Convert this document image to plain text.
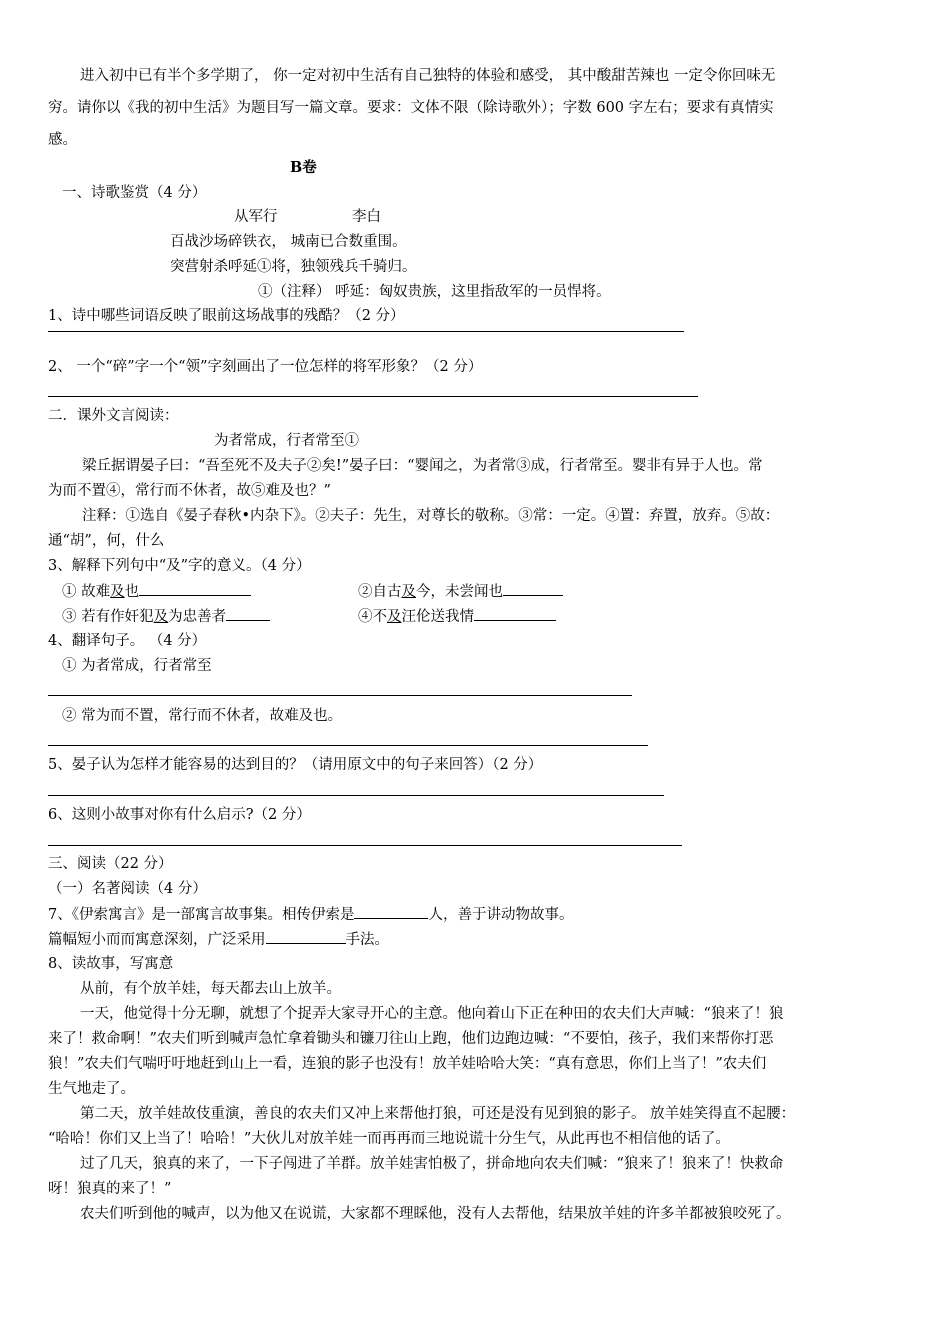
进入初中已有半个多学期了， 你一定对初中生活有自己独特的体验和感受， 其中酸甜苦辣也 一定令你回味无
穷。请你以《我的初中生活》为题目写一篇文章。要求：文体不限（除诗歌外）；字数 600 字左右；要求有真情实
感。
B卷
一、诗歌鉴赏（4 分）
从军行	李白
百战沙场碎铁衣， 城南已合数重围。
突营射杀呼延①将，独领残兵千骑归。
①（注释） 呼延：匈奴贵族，这里指敌军的一员悍将。
1、诗中哪些词语反映了眼前这场战事的残酷？（2 分）
2、 一个“碎”字一个“领”字刻画出了一位怎样的将军形象？（2 分）
二．课外文言阅读：
为者常成，行者常至①
梁丘据谓晏子曰：“吾至死不及夫子②矣!”晏子曰：“婴闻之，为者常③成，行者常至。婴非有异于人也。常
为而不置④，常行而不休者，故⑤难及也？”
注释：①选自《晏子春秋•内杂下》。②夫子：先生，对尊长的敬称。③常：一定。④置：弃置，放弃。⑤故：
通“胡”，何，什么
3、解释下列句中“及”字的意义。（4 分）
① 故难及也	②自古及今，未尝闻也
③ 若有作奸犯及为忠善者	④不及汪伦送我情
4、翻译句子。 （4 分）
① 为者常成，行者常至
② 常为而不置，常行而不休者，故难及也。
5、晏子认为怎样才能容易的达到目的？（请用原文中的句子来回答）（2 分）
6、这则小故事对你有什么启示?（2 分）
三、阅读（22 分）
（一）名著阅读（4 分）
7、《伊索寓言》是一部寓言故事集。相传伊索是	人，善于讲动物故事。
篇幅短小而而寓意深刻，广泛采用	手法。
8、读故事，写寓意
从前，有个放羊娃，每天都去山上放羊。
一天，他觉得十分无聊，就想了个捉弄大家寻开心的主意。他向着山下正在种田的农夫们大声喊：“狼来了！狼
来了！救命啊！”农夫们听到喊声急忙拿着锄头和镰刀往山上跑，他们边跑边喊：“不要怕，孩子，我们来帮你打恶
狼！”农夫们气喘吁吁地赶到山上一看，连狼的影子也没有！放羊娃哈哈大笑：“真有意思，你们上当了！”农夫们
生气地走了。
第二天，放羊娃故伎重演，善良的农夫们又冲上来帮他打狼，可还是没有见到狼的影子。 放羊娃笑得直不起腰：
“哈哈！你们又上当了！哈哈！”大伙儿对放羊娃一而再再而三地说谎十分生气，从此再也不相信他的话了。
过了几天，狼真的来了，一下子闯进了羊群。放羊娃害怕极了，拼命地向农夫们喊：“狼来了！狼来了！快救命
呀！狼真的来了！”
农夫们听到他的喊声，以为他又在说谎，大家都不理睬他，没有人去帮他，结果放羊娃的许多羊都被狼咬死了。
